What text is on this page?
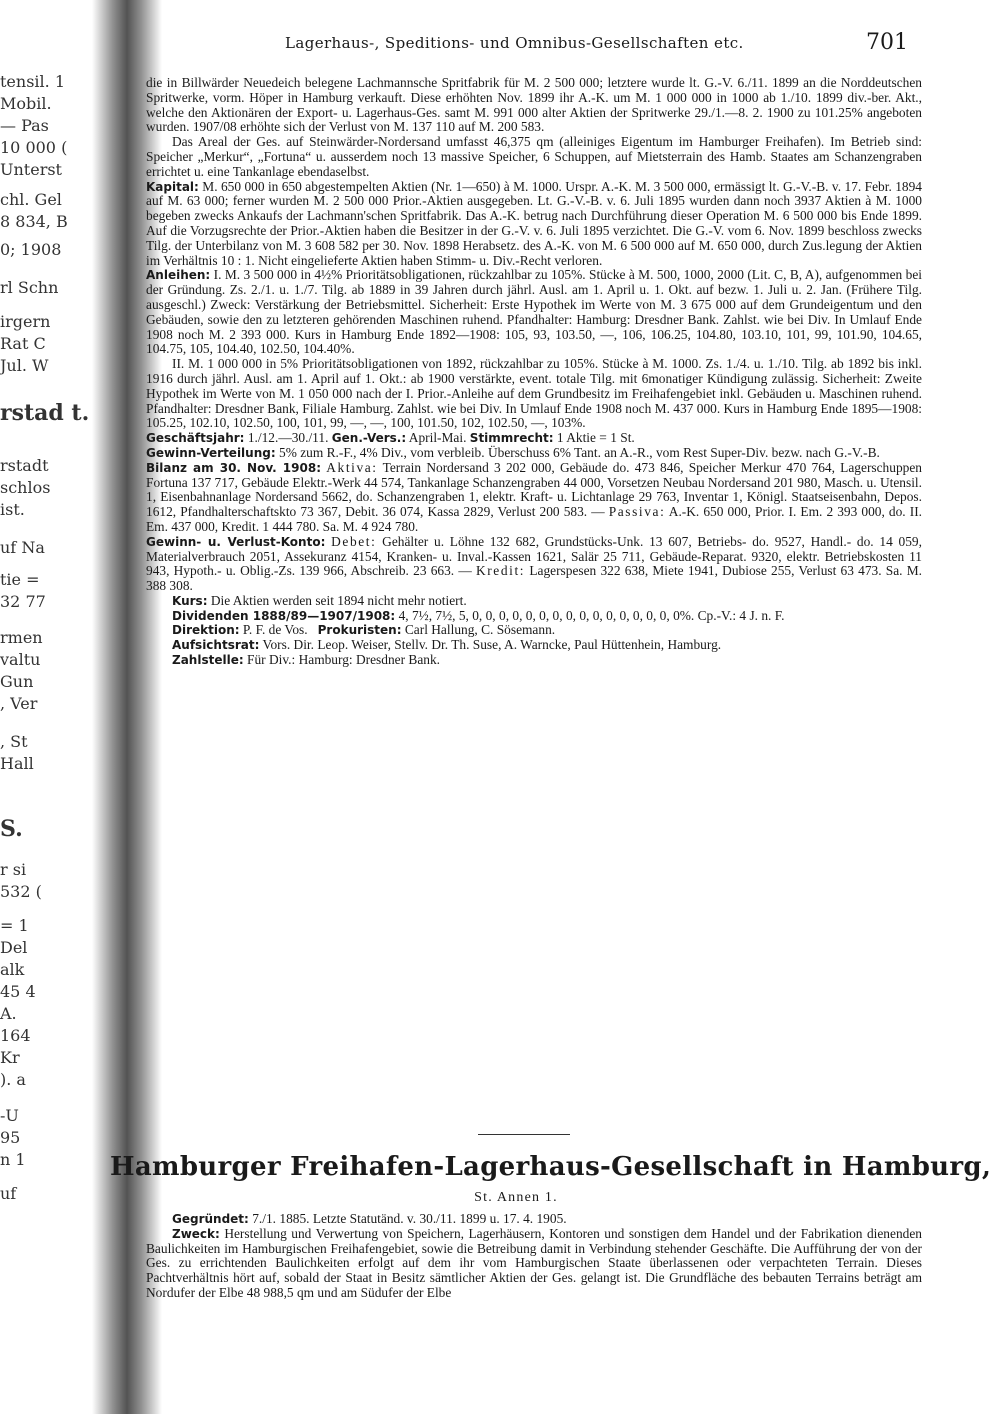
tensil. 1
Mobil.
— Pas
10 000 (
Unterst
chl. Gel
8 834, B
0; 1908
rl Schn
irgern
Rat C
Jul. W
rstad t.
rstadt
schlos
ist.
uf Na
tie =
32 77
rmen
valtu
Gun
, Ver
, St
Hall
S.
r si
532 (
= 1
Del
alk
45 4
A.
164
Kr
). a
-U
95
n 1
uf
Lagerhaus-, Speditions- und Omnibus-Gesellschaften etc.	701

die in Billwärder Neuedeich belegene Lachmannsche Spritfabrik für M. 2 500 000; letztere wurde lt. G.-V. 6./11. 1899 an die Norddeutschen Spritwerke, vorm. Höper in Hamburg verkauft. Diese erhöhten Nov. 1899 ihr A.-K. um M. 1 000 000 in 1000 ab 1./10. 1899 div.-ber. Akt., welche den Aktionären der Export- u. Lagerhaus-Ges. samt M. 991 000 alter Aktien der Spritwerke 29./1.—8. 2. 1900 zu 101.25% angeboten wurden. 1907/08 erhöhte sich der Verlust von M. 137 110 auf M. 200 583.

Das Areal der Ges. auf Steinwärder-Nordersand umfasst 46,375 qm (alleiniges Eigentum im Hamburger Freihafen). Im Betrieb sind: Speicher „Merkur“, „Fortuna“ u. ausserdem noch 13 massive Speicher, 6 Schuppen, auf Mietsterrain des Hamb. Staates am Schanzengraben errichtet u. eine Tankanlage ebendaselbst.

Kapital: M. 650 000 in 650 abgestempelten Aktien (Nr. 1—650) à M. 1000. Urspr. A.-K. M. 3 500 000, ermässigt lt. G.-V.-B. v. 17. Febr. 1894 auf M. 63 000; ferner wurden M. 2 500 000 Prior.-Aktien ausgegeben. Lt. G.-V.-B. v. 6. Juli 1895 wurden dann noch 3937 Aktien à M. 1000 begeben zwecks Ankaufs der Lachmann'schen Spritfabrik. Das A.-K. betrug nach Durchführung dieser Operation M. 6 500 000 bis Ende 1899. Auf die Vorzugsrechte der Prior.-Aktien haben die Besitzer in der G.-V. v. 6. Juli 1895 verzichtet. Die G.-V. vom 6. Nov. 1899 beschloss zwecks Tilg. der Unterbilanz von M. 3 608 582 per 30. Nov. 1898 Herabsetz. des A.-K. von M. 6 500 000 auf M. 650 000, durch Zus.legung der Aktien im Verhältnis 10 : 1. Nicht eingelieferte Aktien haben Stimm- u. Div.-Recht verloren.

Anleihen: I. M. 3 500 000 in 4½% Prioritätsobligationen, rückzahlbar zu 105%. Stücke à M. 500, 1000, 2000 (Lit. C, B, A), aufgenommen bei der Gründung. Zs. 2./1. u. 1./7. Tilg. ab 1889 in 39 Jahren durch jährl. Ausl. am 1. April u. 1. Okt. auf bezw. 1. Juli u. 2. Jan. (Frühere Tilg. ausgeschl.) Zweck: Verstärkung der Betriebsmittel. Sicherheit: Erste Hypothek im Werte von M. 3 675 000 auf dem Grundeigentum und den Gebäuden, sowie den zu letzteren gehörenden Maschinen ruhend. Pfandhalter: Hamburg: Dresdner Bank. Zahlst. wie bei Div. In Umlauf Ende 1908 noch M. 2 393 000. Kurs in Hamburg Ende 1892—1908: 105, 93, 103.50, —, 106, 106.25, 104.80, 103.10, 101, 99, 101.90, 104.65, 104.75, 105, 104.40, 102.50, 104.40%.

II. M. 1 000 000 in 5% Prioritätsobligationen von 1892, rückzahlbar zu 105%. Stücke à M. 1000. Zs. 1./4. u. 1./10. Tilg. ab 1892 bis inkl. 1916 durch jährl. Ausl. am 1. April auf 1. Okt.: ab 1900 verstärkte, event. totale Tilg. mit 6monatiger Kündigung zulässig. Sicherheit: Zweite Hypothek im Werte von M. 1 050 000 nach der I. Prior.-Anleihe auf dem Grundbesitz im Freihafengebiet inkl. Gebäuden u. Maschinen ruhend. Pfandhalter: Dresdner Bank, Filiale Hamburg. Zahlst. wie bei Div. In Umlauf Ende 1908 noch M. 437 000. Kurs in Hamburg Ende 1895—1908: 105.25, 102.10, 102.50, 100, 101, 99, —, —, 100, 101.50, 102, 102.50, —, 103%.

Geschäftsjahr: 1./12.—30./11. Gen.-Vers.: April-Mai. Stimmrecht: 1 Aktie = 1 St.

Gewinn-Verteilung: 5% zum R.-F., 4% Div., vom verbleib. Überschuss 6% Tant. an A.-R., vom Rest Super-Div. bezw. nach G.-V.-B.

Bilanz am 30. Nov. 1908: Aktiva: Terrain Nordersand 3 202 000, Gebäude do. 473 846, Speicher Merkur 470 764, Lagerschuppen Fortuna 137 717, Gebäude Elektr.-Werk 44 574, Tankanlage Schanzengraben 44 000, Vorsetzen Neubau Nordersand 201 980, Masch. u. Utensil. 1, Eisenbahnanlage Nordersand 5662, do. Schanzengraben 1, elektr. Kraft- u. Lichtanlage 29 763, Inventar 1, Königl. Staatseisenbahn, Depos. 1612, Pfandhalterschaftskto 73 367, Debit. 36 074, Kassa 2829, Verlust 200 583. — Passiva: A.-K. 650 000, Prior. I. Em. 2 393 000, do. II. Em. 437 000, Kredit. 1 444 780. Sa. M. 4 924 780.

Gewinn- u. Verlust-Konto: Debet: Gehälter u. Löhne 132 682, Grundstücks-Unk. 13 607, Betriebs- do. 9527, Handl.- do. 14 059, Materialverbrauch 2051, Assekuranz 4154, Kranken- u. Inval.-Kassen 1621, Salär 25 711, Gebäude-Reparat. 9320, elektr. Betriebskosten 11 943, Hypoth.- u. Oblig.-Zs. 139 966, Abschreib. 23 663. — Kredit: Lagerspesen 322 638, Miete 1941, Dubiose 255, Verlust 63 473. Sa. M. 388 308.

Kurs: Die Aktien werden seit 1894 nicht mehr notiert.

Dividenden 1888/89—1907/1908: 4, 7½, 7½, 5, 0, 0, 0, 0, 0, 0, 0, 0, 0, 0, 0, 0, 0, 0, 0, 0%. Cp.-V.: 4 J. n. F.

Direktion: P. F. de Vos. Prokuristen: Carl Hallung, C. Sösemann.

Aufsichtsrat: Vors. Dir. Leop. Weiser, Stellv. Dr. Th. Suse, A. Warncke, Paul Hüttenhein, Hamburg.

Zahlstelle: Für Div.: Hamburg: Dresdner Bank.

Hamburger Freihafen-Lagerhaus-Gesellschaft in Hamburg,
St. Annen 1.

Gegründet: 7./1. 1885. Letzte Statutänd. v. 30./11. 1899 u. 17. 4. 1905.

Zweck: Herstellung und Verwertung von Speichern, Lagerhäusern, Kontoren und sonstigen dem Handel und der Fabrikation dienenden Baulichkeiten im Hamburgischen Freihafengebiet, sowie die Betreibung damit in Verbindung stehender Geschäfte. Die Aufführung der von der Ges. zu errichtenden Baulichkeiten erfolgt auf dem ihr vom Hamburgischen Staate überlassenen oder verpachteten Terrain. Dieses Pachtverhältnis hört auf, sobald der Staat in Besitz sämtlicher Aktien der Ges. gelangt ist. Die Grundfläche des bebauten Terrains beträgt am Nordufer der Elbe 48 988,5 qm und am Südufer der Elbe
